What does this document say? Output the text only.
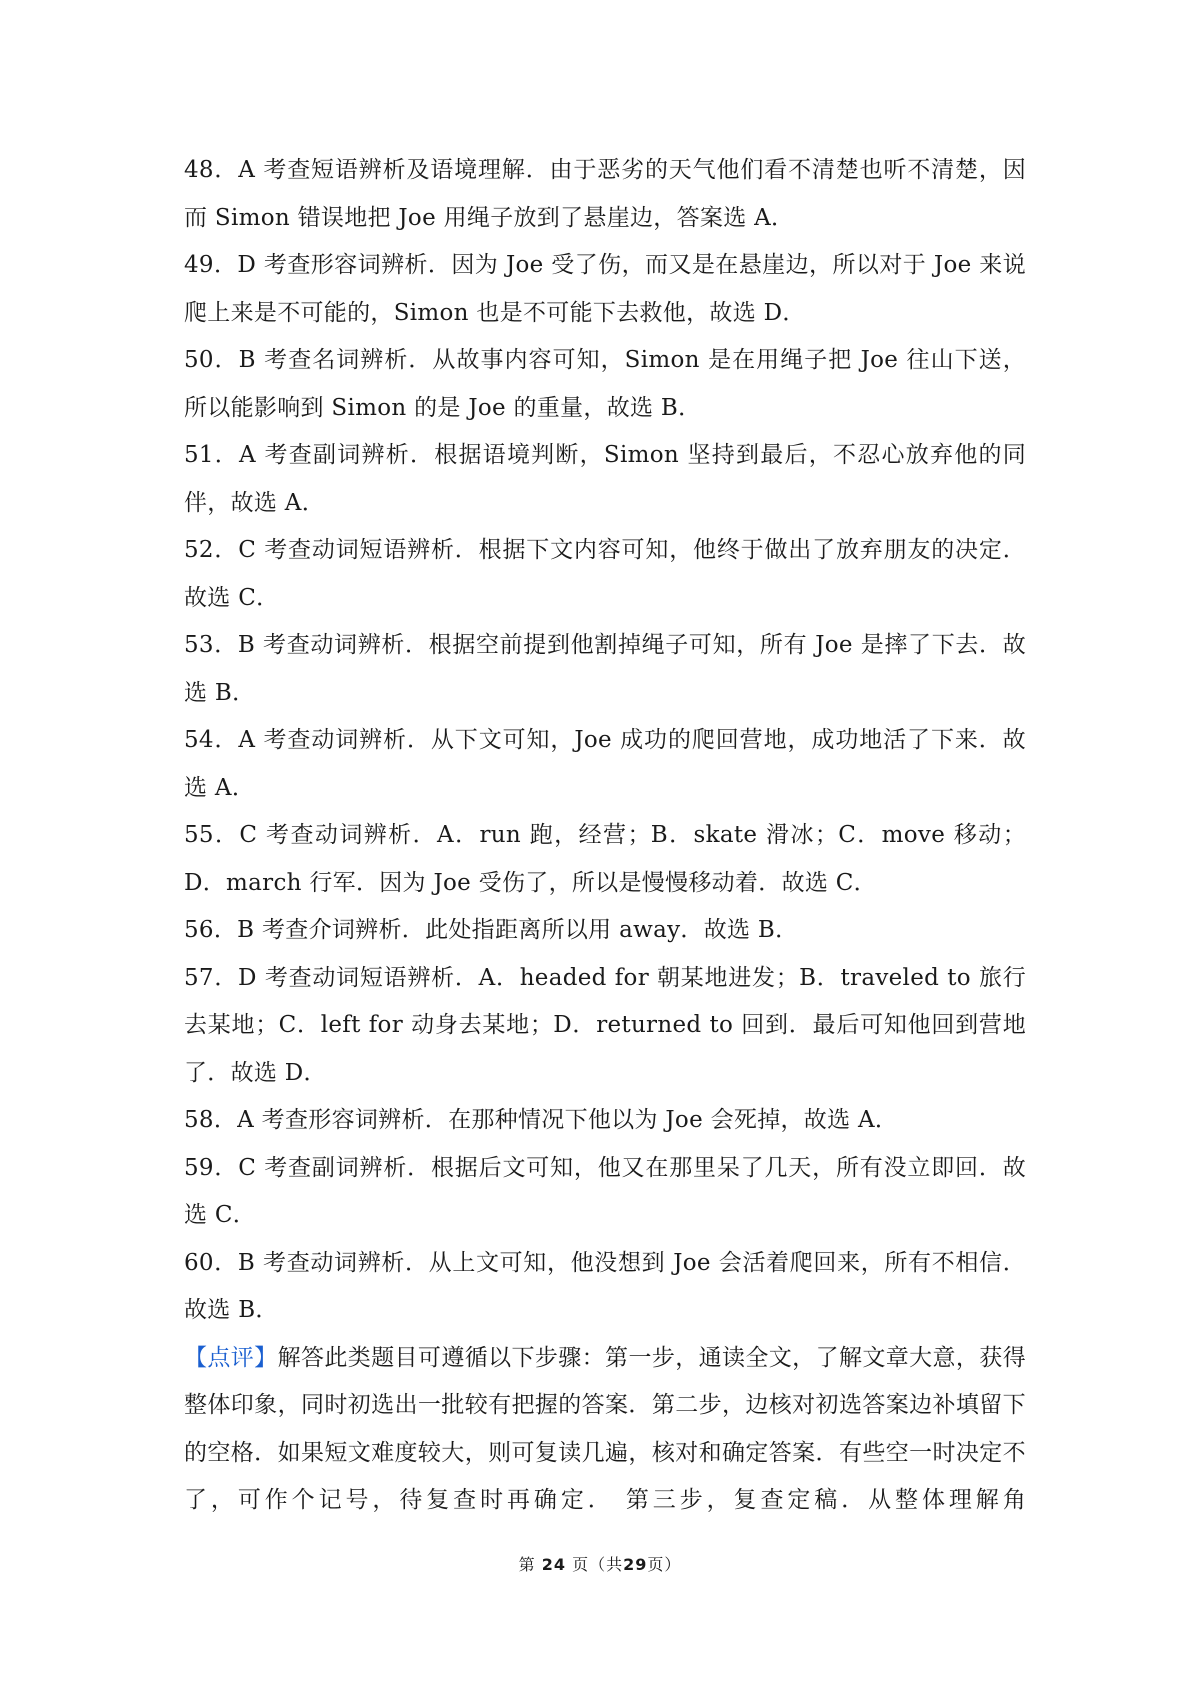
48．A 考查短语辨析及语境理解．由于恶劣的天气他们看不清楚也听不清楚，因而 Simon 错误地把 Joe 用绳子放到了悬崖边，答案选 A．

49．D 考查形容词辨析．因为 Joe 受了伤，而又是在悬崖边，所以对于 Joe 来说爬上来是不可能的，Simon 也是不可能下去救他，故选 D．

50．B 考查名词辨析．从故事内容可知，Simon 是在用绳子把 Joe 往山下送，所以能影响到 Simon 的是 Joe 的重量，故选 B．

51．A 考查副词辨析．根据语境判断，Simon 坚持到最后，不忍心放弃他的同伴，故选 A．

52．C 考查动词短语辨析．根据下文内容可知，他终于做出了放弃朋友的决定．故选 C．

53．B 考查动词辨析．根据空前提到他割掉绳子可知，所有 Joe 是摔了下去．故选 B．

54．A 考查动词辨析．从下文可知，Joe 成功的爬回营地，成功地活了下来．故选 A．

55．C 考查动词辨析．A．run 跑，经营；B．skate 滑冰；C．move 移动；D．march 行军．因为 Joe 受伤了，所以是慢慢移动着．故选 C．

56．B 考查介词辨析．此处指距离所以用 away．故选 B．

57．D 考查动词短语辨析．A．headed for 朝某地进发；B．traveled to 旅行去某地；C．left for 动身去某地；D．returned to 回到．最后可知他回到营地了．故选 D．

58．A 考查形容词辨析．在那种情况下他以为 Joe 会死掉，故选 A．

59．C 考查副词辨析．根据后文可知，他又在那里呆了几天，所有没立即回．故选 C．

60．B 考查动词辨析．从上文可知，他没想到 Joe 会活着爬回来，所有不相信．故选 B．

【点评】解答此类题目可遵循以下步骤：第一步，通读全文，了解文章大意，获得整体印象，同时初选出一批较有把握的答案．第二步，边核对初选答案边补填留下的空格．如果短文难度较大，则可复读几遍，核对和确定答案．有些空一时决定不了，可作个记号，待复查时再确定． 第三步，复查定稿．从整体理解角

第 24 页（共29页）
